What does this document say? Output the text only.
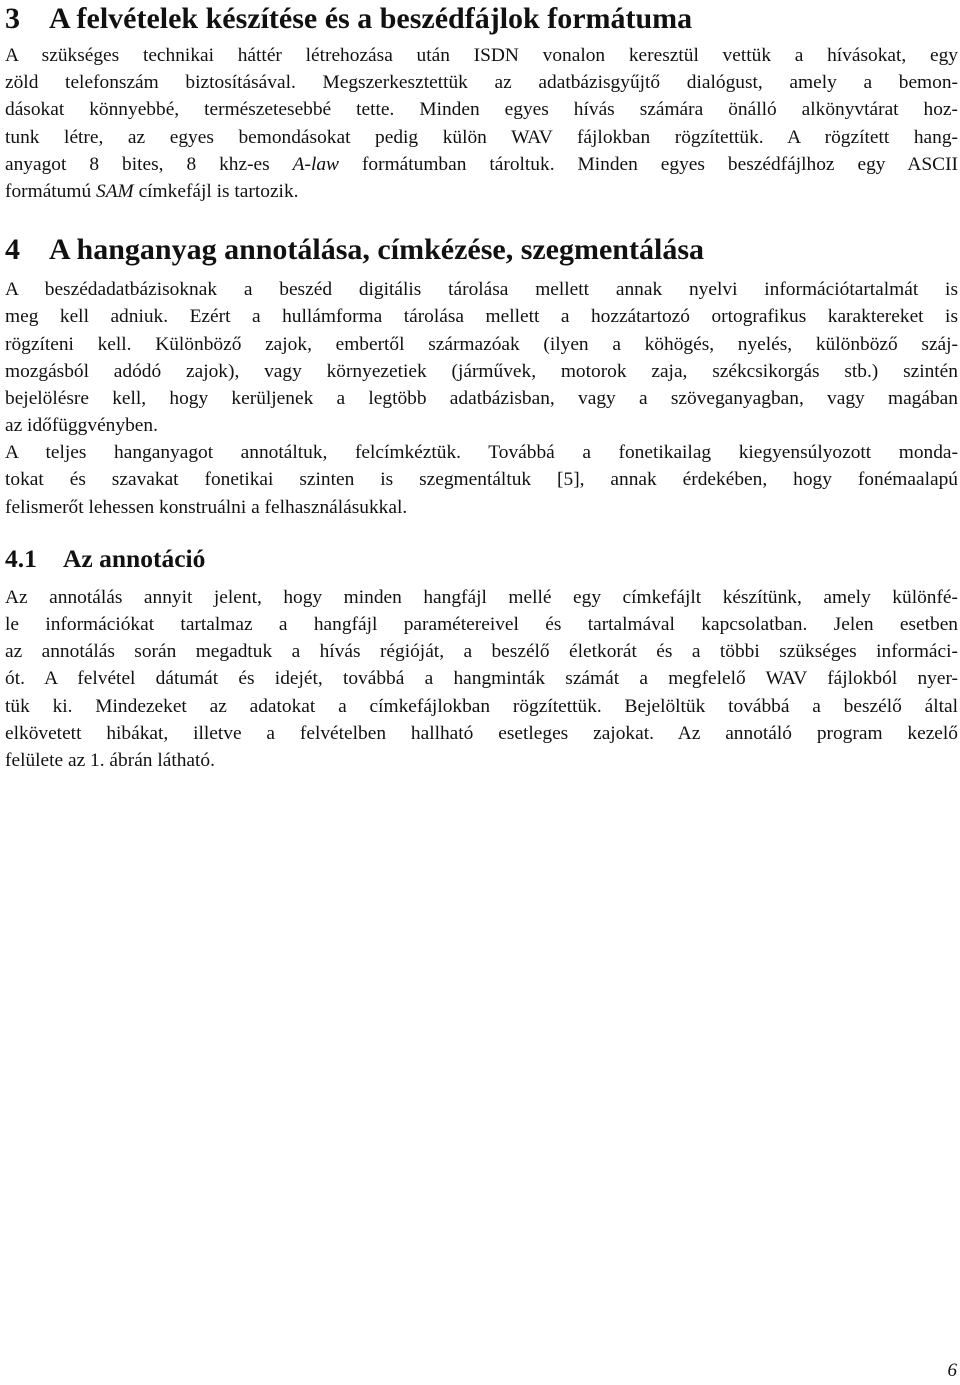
3 A felvételek készítése és a beszédfájlok formátuma

A szükséges technikai háttér létrehozása után ISDN vonalon keresztül vettük a hívásokat, egy
zöld telefonszám biztosításával. Megszerkesztettük az adatbázisgyűjtő dialógust, amely a bemon-
dásokat könnyebbé, természetesebbé tette. Minden egyes hívás számára önálló alkönyvtárat hoz-
tunk létre, az egyes bemondásokat pedig külön WAV fájlokban rögzítettük. A rögzített hang-
anyagot 8 bites, 8 khz-es A-law formátumban tároltuk. Minden egyes beszédfájlhoz egy ASCII
formátumú SAM címkefájl is tartozik.

4 A hanganyag annotálása, címkézése, szegmentálása

A beszédadatbázisoknak a beszéd digitális tárolása mellett annak nyelvi információtartalmát is
meg kell adniuk. Ezért a hullámforma tárolása mellett a hozzátartozó ortografikus karaktereket is
rögzíteni kell. Különböző zajok, embertől származóak (ilyen a köhögés, nyelés, különböző száj-
mozgásból adódó zajok), vagy környezetiek (járművek, motorok zaja, székcsikorgás stb.) szintén
bejelölésre kell, hogy kerüljenek a legtöbb adatbázisban, vagy a szöveganyagban, vagy magában
az időfüggvényben.

A teljes hanganyagot annotáltuk, felcímkéztük. Továbbá a fonetikailag kiegyensúlyozott monda-
tokat és szavakat fonetikai szinten is szegmentáltuk [5], annak érdekében, hogy fonémaalapú
felismerőt lehessen konstruálni a felhasználásukkal.

4.1 Az annotáció

Az annotálás annyit jelent, hogy minden hangfájl mellé egy címkefájlt készítünk, amely különfé-
le információkat tartalmaz a hangfájl paramétereivel és tartalmával kapcsolatban. Jelen esetben
az annotálás során megadtuk a hívás régióját, a beszélő életkorát és a többi szükséges informáci-
ót. A felvétel dátumát és idejét, továbbá a hangminták számát a megfelelő WAV fájlokból nyer-
tük ki. Mindezeket az adatokat a címkefájlokban rögzítettük. Bejelöltük továbbá a beszélő által
elkövetett hibákat, illetve a felvételben hallható esetleges zajokat. Az annotáló program kezelő
felülete az 1. ábrán látható.

6
